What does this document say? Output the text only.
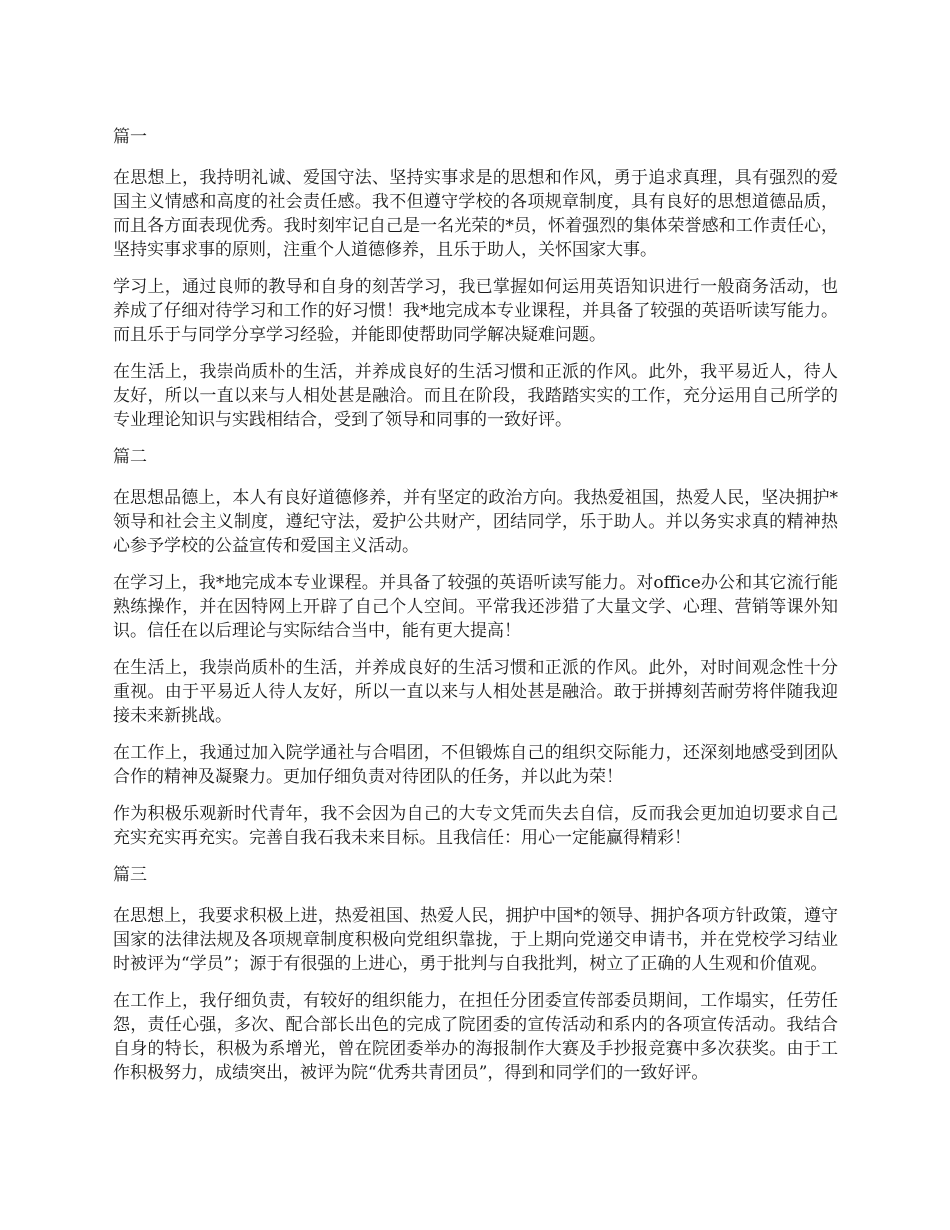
篇一

在思想上，我持明礼诚、爱国守法、坚持实事求是的思想和作风，勇于追求真理，具有强烈的爱国主义情感和高度的社会责任感。我不但遵守学校的各项规章制度，具有良好的思想道德品质，而且各方面表现优秀。我时刻牢记自己是一名光荣的*员，怀着强烈的集体荣誉感和工作责任心，坚持实事求事的原则，注重个人道德修养，且乐于助人，关怀国家大事。

学习上，通过良师的教导和自身的刻苦学习，我已掌握如何运用英语知识进行一般商务活动，也养成了仔细对待学习和工作的好习惯！我*地完成本专业课程，并具备了较强的英语听读写能力。而且乐于与同学分享学习经验，并能即使帮助同学解决疑难问题。

在生活上，我崇尚质朴的生活，并养成良好的生活习惯和正派的作风。此外，我平易近人，待人友好，所以一直以来与人相处甚是融洽。而且在阶段，我踏踏实实的工作，充分运用自己所学的专业理论知识与实践相结合，受到了领导和同事的一致好评。

篇二

在思想品德上，本人有良好道德修养，并有坚定的政治方向。我热爱祖国，热爱人民，坚决拥护*领导和社会主义制度，遵纪守法，爱护公共财产，团结同学，乐于助人。并以务实求真的精神热心参予学校的公益宣传和爱国主义活动。

在学习上，我*地完成本专业课程。并具备了较强的英语听读写能力。对office办公和其它流行能熟练操作，并在因特网上开辟了自己个人空间。平常我还涉猎了大量文学、心理、营销等课外知识。信任在以后理论与实际结合当中，能有更大提高！

在生活上，我崇尚质朴的生活，并养成良好的生活习惯和正派的作风。此外，对时间观念性十分重视。由于平易近人待人友好，所以一直以来与人相处甚是融洽。敢于拼搏刻苦耐劳将伴随我迎接未来新挑战。

在工作上，我通过加入院学通社与合唱团，不但锻炼自己的组织交际能力，还深刻地感受到团队合作的精神及凝聚力。更加仔细负责对待团队的任务，并以此为荣！

作为积极乐观新时代青年，我不会因为自己的大专文凭而失去自信，反而我会更加迫切要求自己充实充实再充实。完善自我石我未来目标。且我信任：用心一定能赢得精彩！

篇三

在思想上，我要求积极上进，热爱祖国、热爱人民，拥护中国*的领导、拥护各项方针政策，遵守国家的法律法规及各项规章制度积极向党组织靠拢，于上期向党递交申请书，并在党校学习结业时被评为“学员”；源于有很强的上进心，勇于批判与自我批判，树立了正确的人生观和价值观。

在工作上，我仔细负责，有较好的组织能力，在担任分团委宣传部委员期间，工作塌实，任劳任怨，责任心强，多次、配合部长出色的完成了院团委的宣传活动和系内的各项宣传活动。我结合自身的特长，积极为系增光，曾在院团委举办的海报制作大赛及手抄报竞赛中多次获奖。由于工作积极努力，成绩突出，被评为院“优秀共青团员”，得到和同学们的一致好评。
